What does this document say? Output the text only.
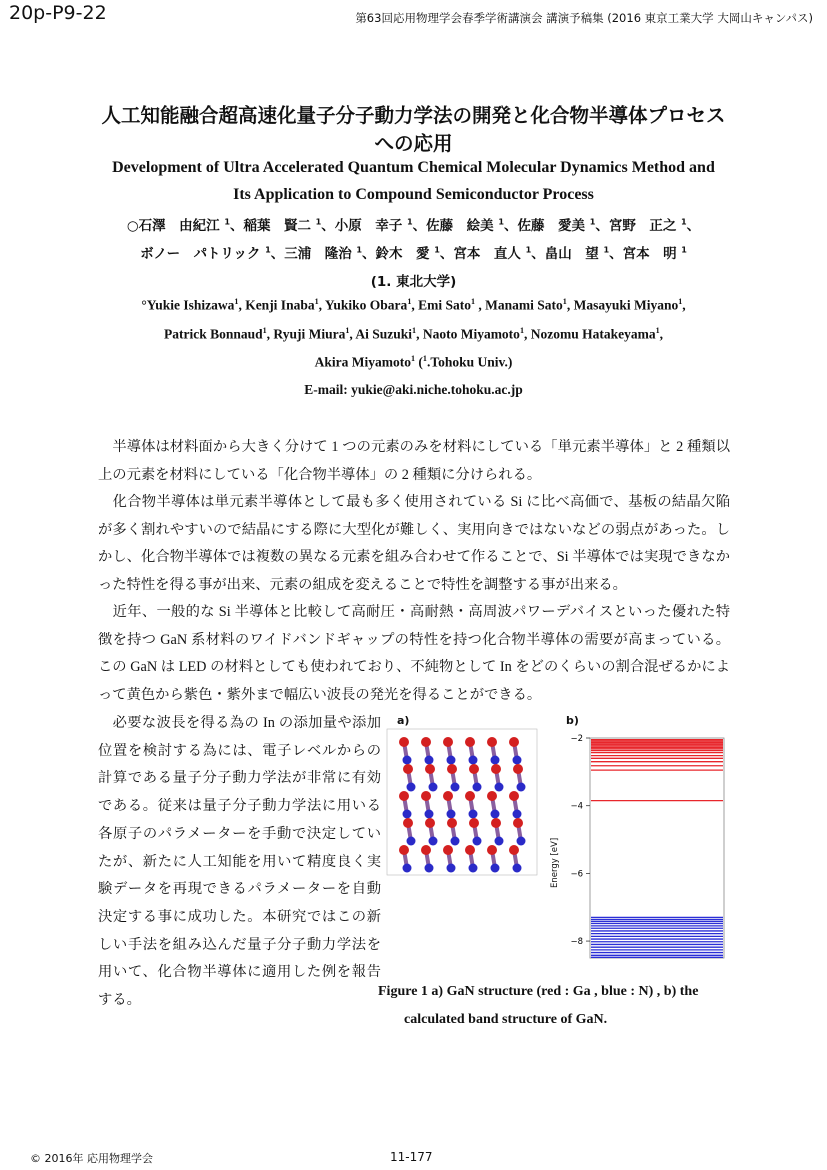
20p-P9-22	第63回応用物理学会春季学術講演会 講演予稿集 (2016 東京工業大学 大岡山キャンパス)
人工知能融合超高速化量子分子動力学法の開発と化合物半導体プロセス
への応用
Development of Ultra Accelerated Quantum Chemical Molecular Dynamics Method and
Its Application to Compound Semiconductor Process
○石澤　由紀江 $^1$、稲葉　賢二 $^1$、小原　幸子 $^1$、佐藤　絵美 $^1$、佐藤　愛美 $^1$、宮野　正之 $^1$、
ボノー　パトリック $^1$、三浦　隆治 $^1$、鈴木　愛 $^1$、宮本　直人 $^1$、畠山　望 $^1$、宮本　明 $^1$
(1. 東北大学)
°Yukie Ishizawa$^1$, Kenji Inaba$^1$, Yukiko Obara$^1$, Emi Sato$^1$ , Manami Sato$^1$, Masayuki Miyano$^1$,
Patrick Bonnaud$^1$, Ryuji Miura$^1$, Ai Suzuki$^1$, Naoto Miyamoto$^1$, Nozomu Hatakeyama$^1$,
Akira Miyamoto$^1$ ($^1$.Tohoku Univ.)
E-mail: yukie@aki.niche.tohoku.ac.jp

半導体は材料面から大きく分けて 1 つの元素のみを材料にしている「単元素半導体」と 2 種類以上の元素を材料にしている「化合物半導体」の 2 種類に分けられる。

化合物半導体は単元素半導体として最も多く使用されている Si に比べ高価で、基板の結晶欠陥が多く割れやすいので結晶にする際に大型化が難しく、実用向きではないなどの弱点があった。しかし、化合物半導体では複数の異なる元素を組み合わせて作ることで、Si 半導体では実現できなかった特性を得る事が出来、元素の組成を変えることで特性を調整する事が出来る。

近年、一般的な Si 半導体と比較して高耐圧・高耐熱・高周波パワーデバイスといった優れた特徴を持つ GaN 系材料のワイドバンドギャップの特性を持つ化合物半導体の需要が高まっている。この GaN は LED の材料としても使われており、不純物として In をどのくらいの割合混ぜるかによって黄色から紫色・紫外まで幅広い波長の発光を得ることができる。

必要な波長を得る為の In の添加量や添加位置を検討する為には、電子レベルからの計算である量子分子動力学法が非常に有効である。従来は量子分子動力学法に用いる各原子のパラメーターを手動で決定していたが、新たに人工知能を用いて精度良く実験データを再現できるパラメーターを自動決定する事に成功した。本研究ではこの新しい手法を組み込んだ量子分子動力学法を用いて、化合物半導体に適用した例を報告する。

a)	b)
−2
−4
−6
−8
Energy [eV]
Figure 1 a) GaN structure (red : Ga , blue : N) , b) the
calculated band structure of GaN.
© 2016年 応用物理学会	11-177
